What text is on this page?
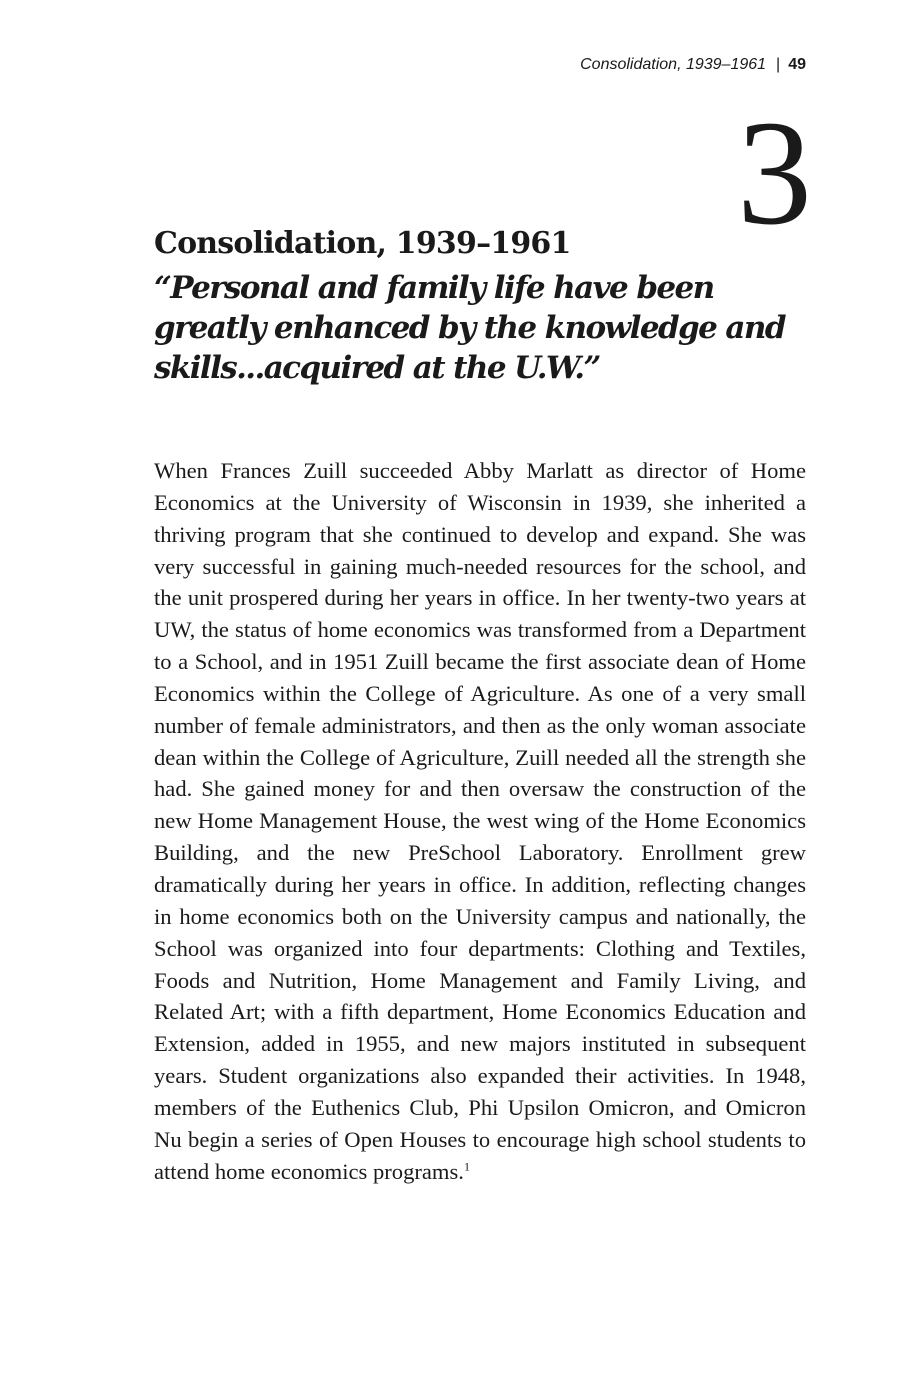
Consolidation, 1939–1961 | 49
3
Consolidation, 1939–1961

“Personal and family life have been greatly enhanced by the knowledge and skills...acquired at the U.W.”

When Frances Zuill succeeded Abby Marlatt as director of Home Economics at the University of Wisconsin in 1939, she inherited a thriving program that she continued to develop and expand. She was very successful in gaining much-needed resources for the school, and the unit prospered during her years in office. In her twenty-two years at UW, the status of home economics was transformed from a Department to a School, and in 1951 Zuill became the first associate dean of Home Economics within the College of Agriculture. As one of a very small number of female administrators, and then as the only woman associate dean within the College of Agriculture, Zuill needed all the strength she had. She gained money for and then oversaw the construction of the new Home Management House, the west wing of the Home Economics Building, and the new PreSchool Laboratory. Enrollment grew dramatically during her years in office. In addition, reflecting changes in home economics both on the University campus and nationally, the School was organized into four departments: Clothing and Textiles, Foods and Nutrition, Home Management and Family Living, and Related Art; with a fifth department, Home Economics Education and Extension, added in 1955, and new majors instituted in subsequent years. Student organizations also expanded their activities. In 1948, members of the Euthenics Club, Phi Upsilon Omicron, and Omicron Nu begin a series of Open Houses to encourage high school students to attend home economics programs.$^1$
